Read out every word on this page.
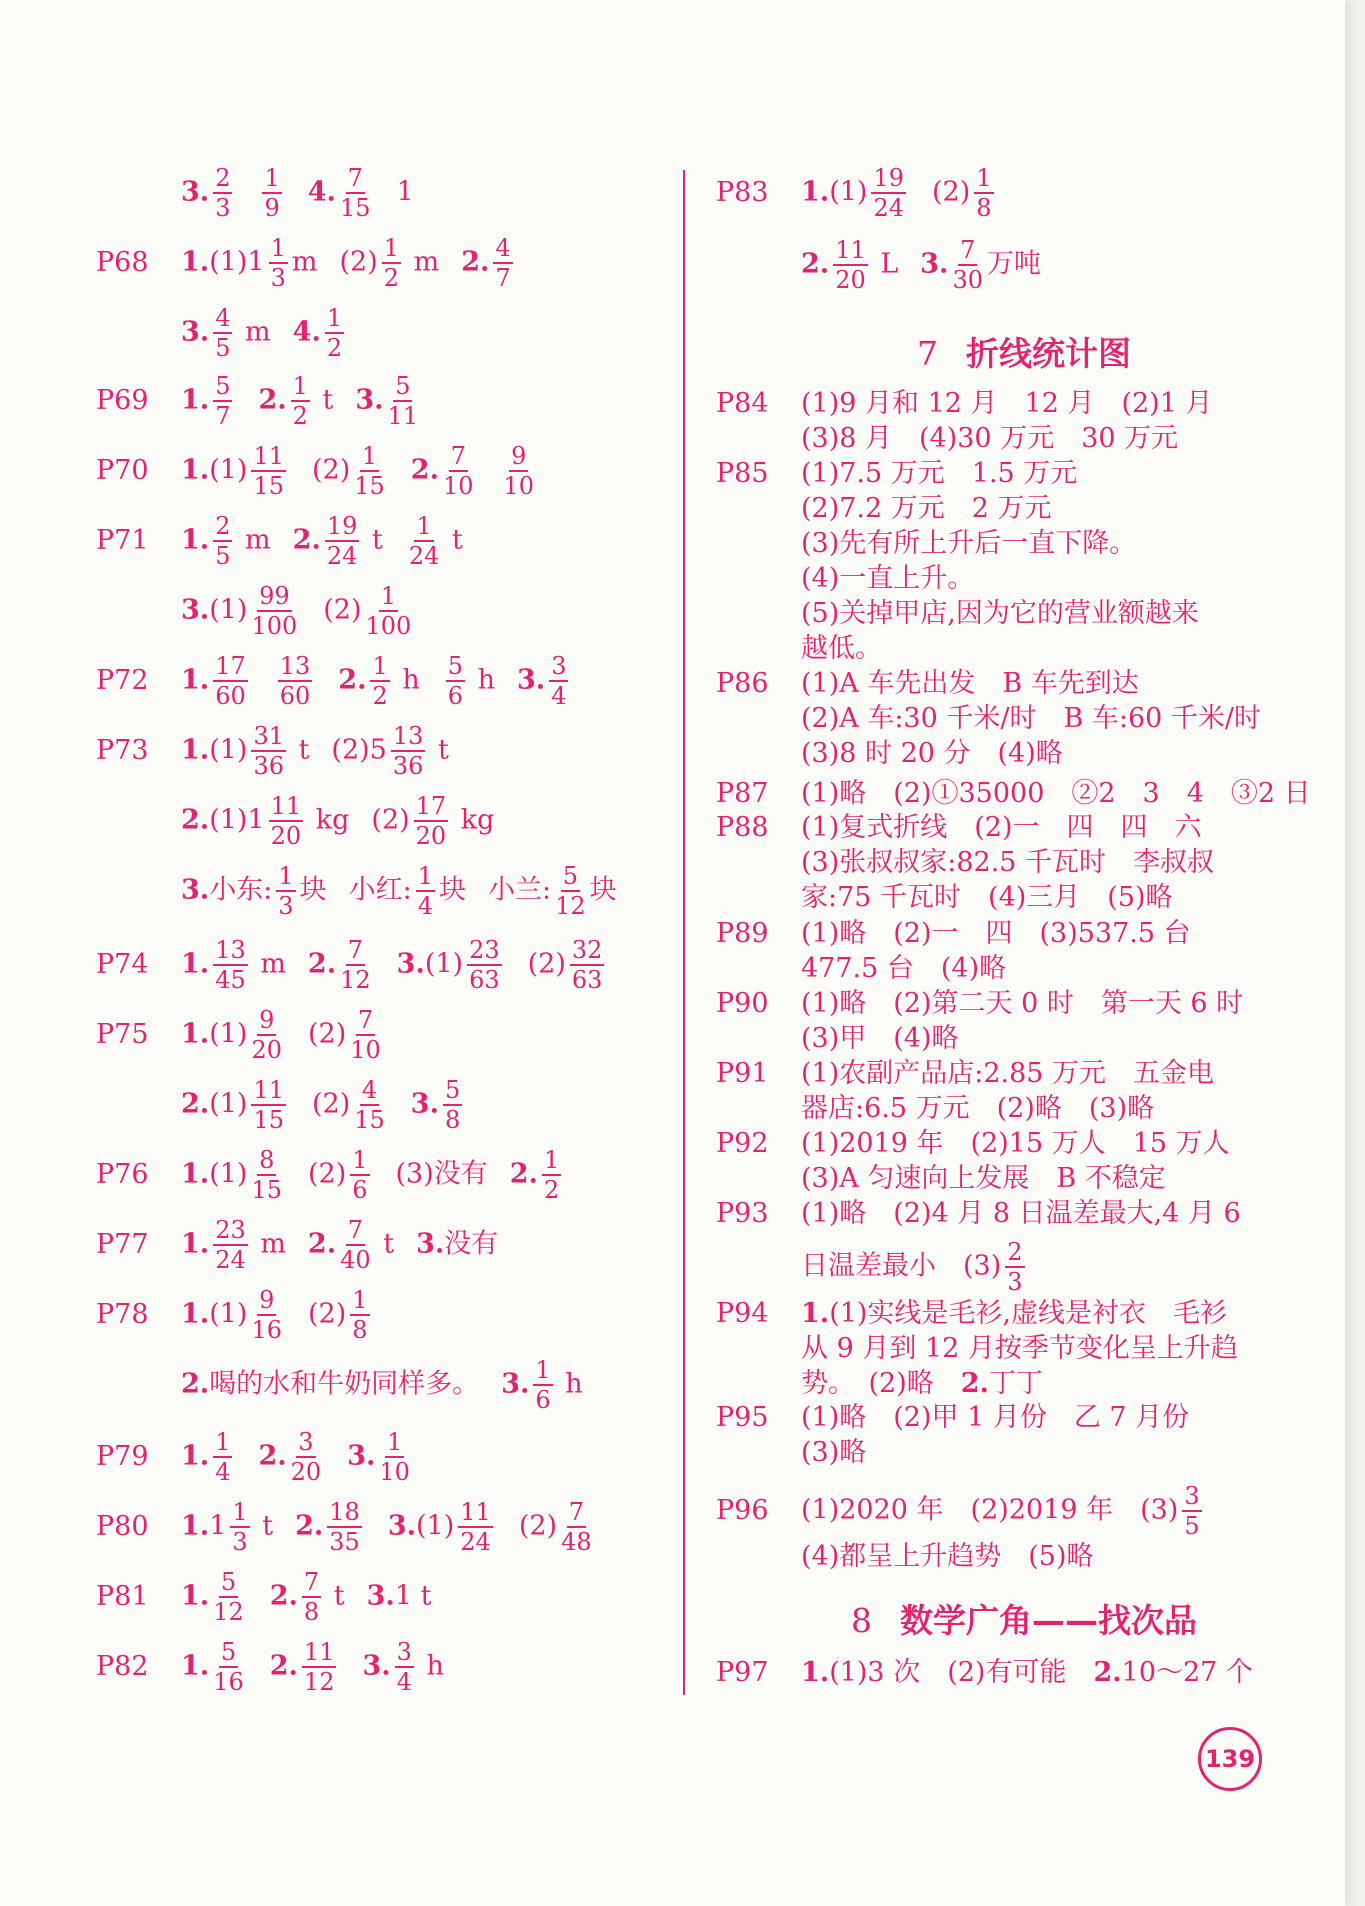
3. $\frac{2}{3} \frac{1}{9} 4$. $\frac{7}{15} 1$
P68 $1.(1)1 \frac{1}{3}$ m $(2) \frac{1}{2}$ m 2. $\frac{4}{7}$
3. $\frac{4}{5}$ m 4. $\frac{1}{2}$
P69 1. $\frac{5}{7} 2$. $\frac{1}{2}$ t 3. $\frac{5}{11}$
P70 $1.(1) \frac{11}{15} (2) \frac{1}{15} 2$. $\frac{7}{10} \frac{9}{10}$
P71 1. $\frac{2}{5}$ m 2. $\frac{19}{24}$ t $\frac{1}{24}$ t
$3.(1) \frac{99}{100} (2) \frac{1}{100}$
P72 1. $\frac{17}{60} \frac{13}{60} 2$. $\frac{1}{2}$ h $\frac{5}{6}$ h 3. $\frac{3}{4}$
P73 $1.(1) \frac{31}{36}$ t $(2)5 \frac{13}{36}$ t
$2.(1)1 \frac{11}{20}$ kg $(2) \frac{17}{20}$ kg
3.小东: $\frac{1}{3}$ 块 小红: $\frac{1}{4}$ 块 小兰: $\frac{5}{12}$ 块
P74 1. $\frac{13}{45}$ m 2. $\frac{7}{12} 3.(1) \frac{23}{63} (2) \frac{32}{63}$
P75 $1.(1) \frac{9}{20} (2) \frac{7}{10}$
$2.(1) \frac{11}{15} (2) \frac{4}{15} 3$. $\frac{5}{8}$
P76 $1.(1) \frac{8}{15} (2) \frac{1}{6} (3)$没有 2. $\frac{1}{2}$
P77 1. $\frac{23}{24}$ m 2. $\frac{7}{40}$ t 3.没有
P78 $1.(1) \frac{9}{16} (2) \frac{1}{8}$
2.喝的水和牛奶同样多。 3. $\frac{1}{6}$ h
P79 1. $\frac{1}{4} 2$. $\frac{3}{20} 3$. $\frac{1}{10}$
P80 $1.1 \frac{1}{3}$ t 2. $\frac{18}{35} 3.(1) \frac{11}{24} (2) \frac{7}{48}$
P81 1. $\frac{5}{12} 2$. $\frac{7}{8}$ t 3.1 t
P82 1. $\frac{5}{16} 2$. $\frac{11}{12} 3$. $\frac{3}{4}$ h
P83 $1.(1) \frac{19}{24} (2) \frac{1}{8}$
2. $\frac{11}{20}$ L 3. $\frac{7}{30}$ 万吨
P84 (1)9 月和 12 月　12 月　(2)1 月
(3)8 月　(4)30 万元　30 万元
P85 (1)7.5 万元　1.5 万元
(2)7.2 万元　2 万元
(3)先有所上升后一直下降。
(4)一直上升。
(5)关掉甲店,因为它的营业额越来
越低。
P86 (1)A 车先出发　B 车先到达
(2)A 车:30 千米/时　B 车:60 千米/时
(3)8 时 20 分　(4)略
P87 (1)略　(2)①35000　②2　3　4　③2 日
P88 (1)复式折线　(2)一　四　四　六
(3)张叔叔家:82.5 千瓦时　李叔叔
家:75 千瓦时　(4)三月　(5)略
P89 (1)略　(2)一　四　(3)537.5 台
477.5 台　(4)略
P90 (1)略　(2)第二天 0 时　第一天 6 时
(3)甲　(4)略
P91 (1)农副产品店:2.85 万元　五金电
器店:6.5 万元　(2)略　(3)略
P92 (1)2019 年　(2)15 万人　15 万人
(3)A 匀速向上发展　B 不稳定
P93 (1)略　(2)4 月 8 日温差最大,4 月 6
日温差最小　$(3) \frac{2}{3}$
P94 1.(1)实线是毛衫,虚线是衬衣　毛衫
从 9 月到 12 月按季节变化呈上升趋
势。　(2)略　2.丁丁
P95 (1)略　(2)甲 1 月份　乙 7 月份
(3)略
P96 (1)2020 年　(2)2019 年　$(3) \frac{3}{5}$
(4)都呈上升趋势　(5)略
P97 1.(1)3 次　(2)有可能　2.10～27 个
7 折线统计图
8 数学广角——找次品
139
